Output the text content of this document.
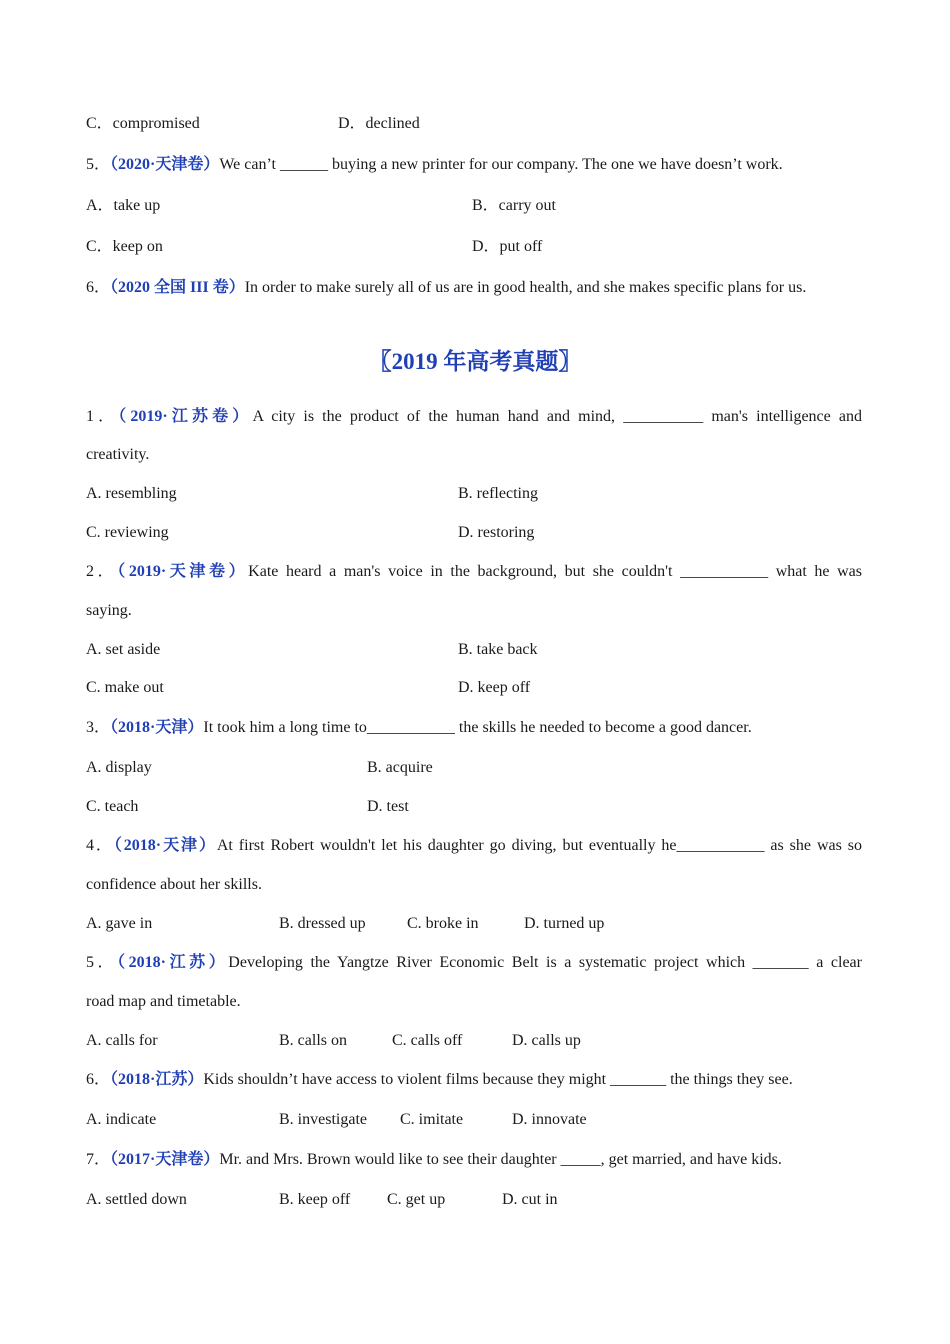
C．compromised	D．declined
5．（2020·天津卷）We can’t ______ buying a new printer for our company. The one we have doesn’t work.
A．take up	B．carry out
C．keep on	D．put off
6．（2020 全国 III 卷）In order to make surely all of us are in good health, and she makes specific plans for us.
〖2019 年高考真题〗
1．（2019·江苏卷）A city is the product of the human hand and mind, __________ man's intelligence and
creativity.
A. resembling	B. reflecting
C. reviewing	D. restoring
2．（2019·天津卷）Kate heard a man's voice in the background, but she couldn't ___________ what he was
saying.
A. set aside	B. take back
C. make out	D. keep off
3．（2018·天津）It took him a long time to___________ the skills he needed to become a good dancer.
A. display	B. acquire
C. teach	D. test
4．（2018·天津）At first Robert wouldn't let his daughter go diving, but eventually he___________ as she was so
confidence about her skills.
A. gave in	B. dressed up	C. broke in	D. turned up
5．（2018·江苏）Developing the Yangtze River Economic Belt is a systematic project which _______ a clear
road map and timetable.
A. calls for	B. calls on	C. calls off	D. calls up
6．（2018·江苏）Kids shouldn’t have access to violent films because they might _______ the things they see.
A. indicate	B. investigate C. imitate	D. innovate
7．（2017·天津卷）Mr. and Mrs. Brown would like to see their daughter _____, get married, and have kids.
A. settled down	B. keep off C. get up	D. cut in
